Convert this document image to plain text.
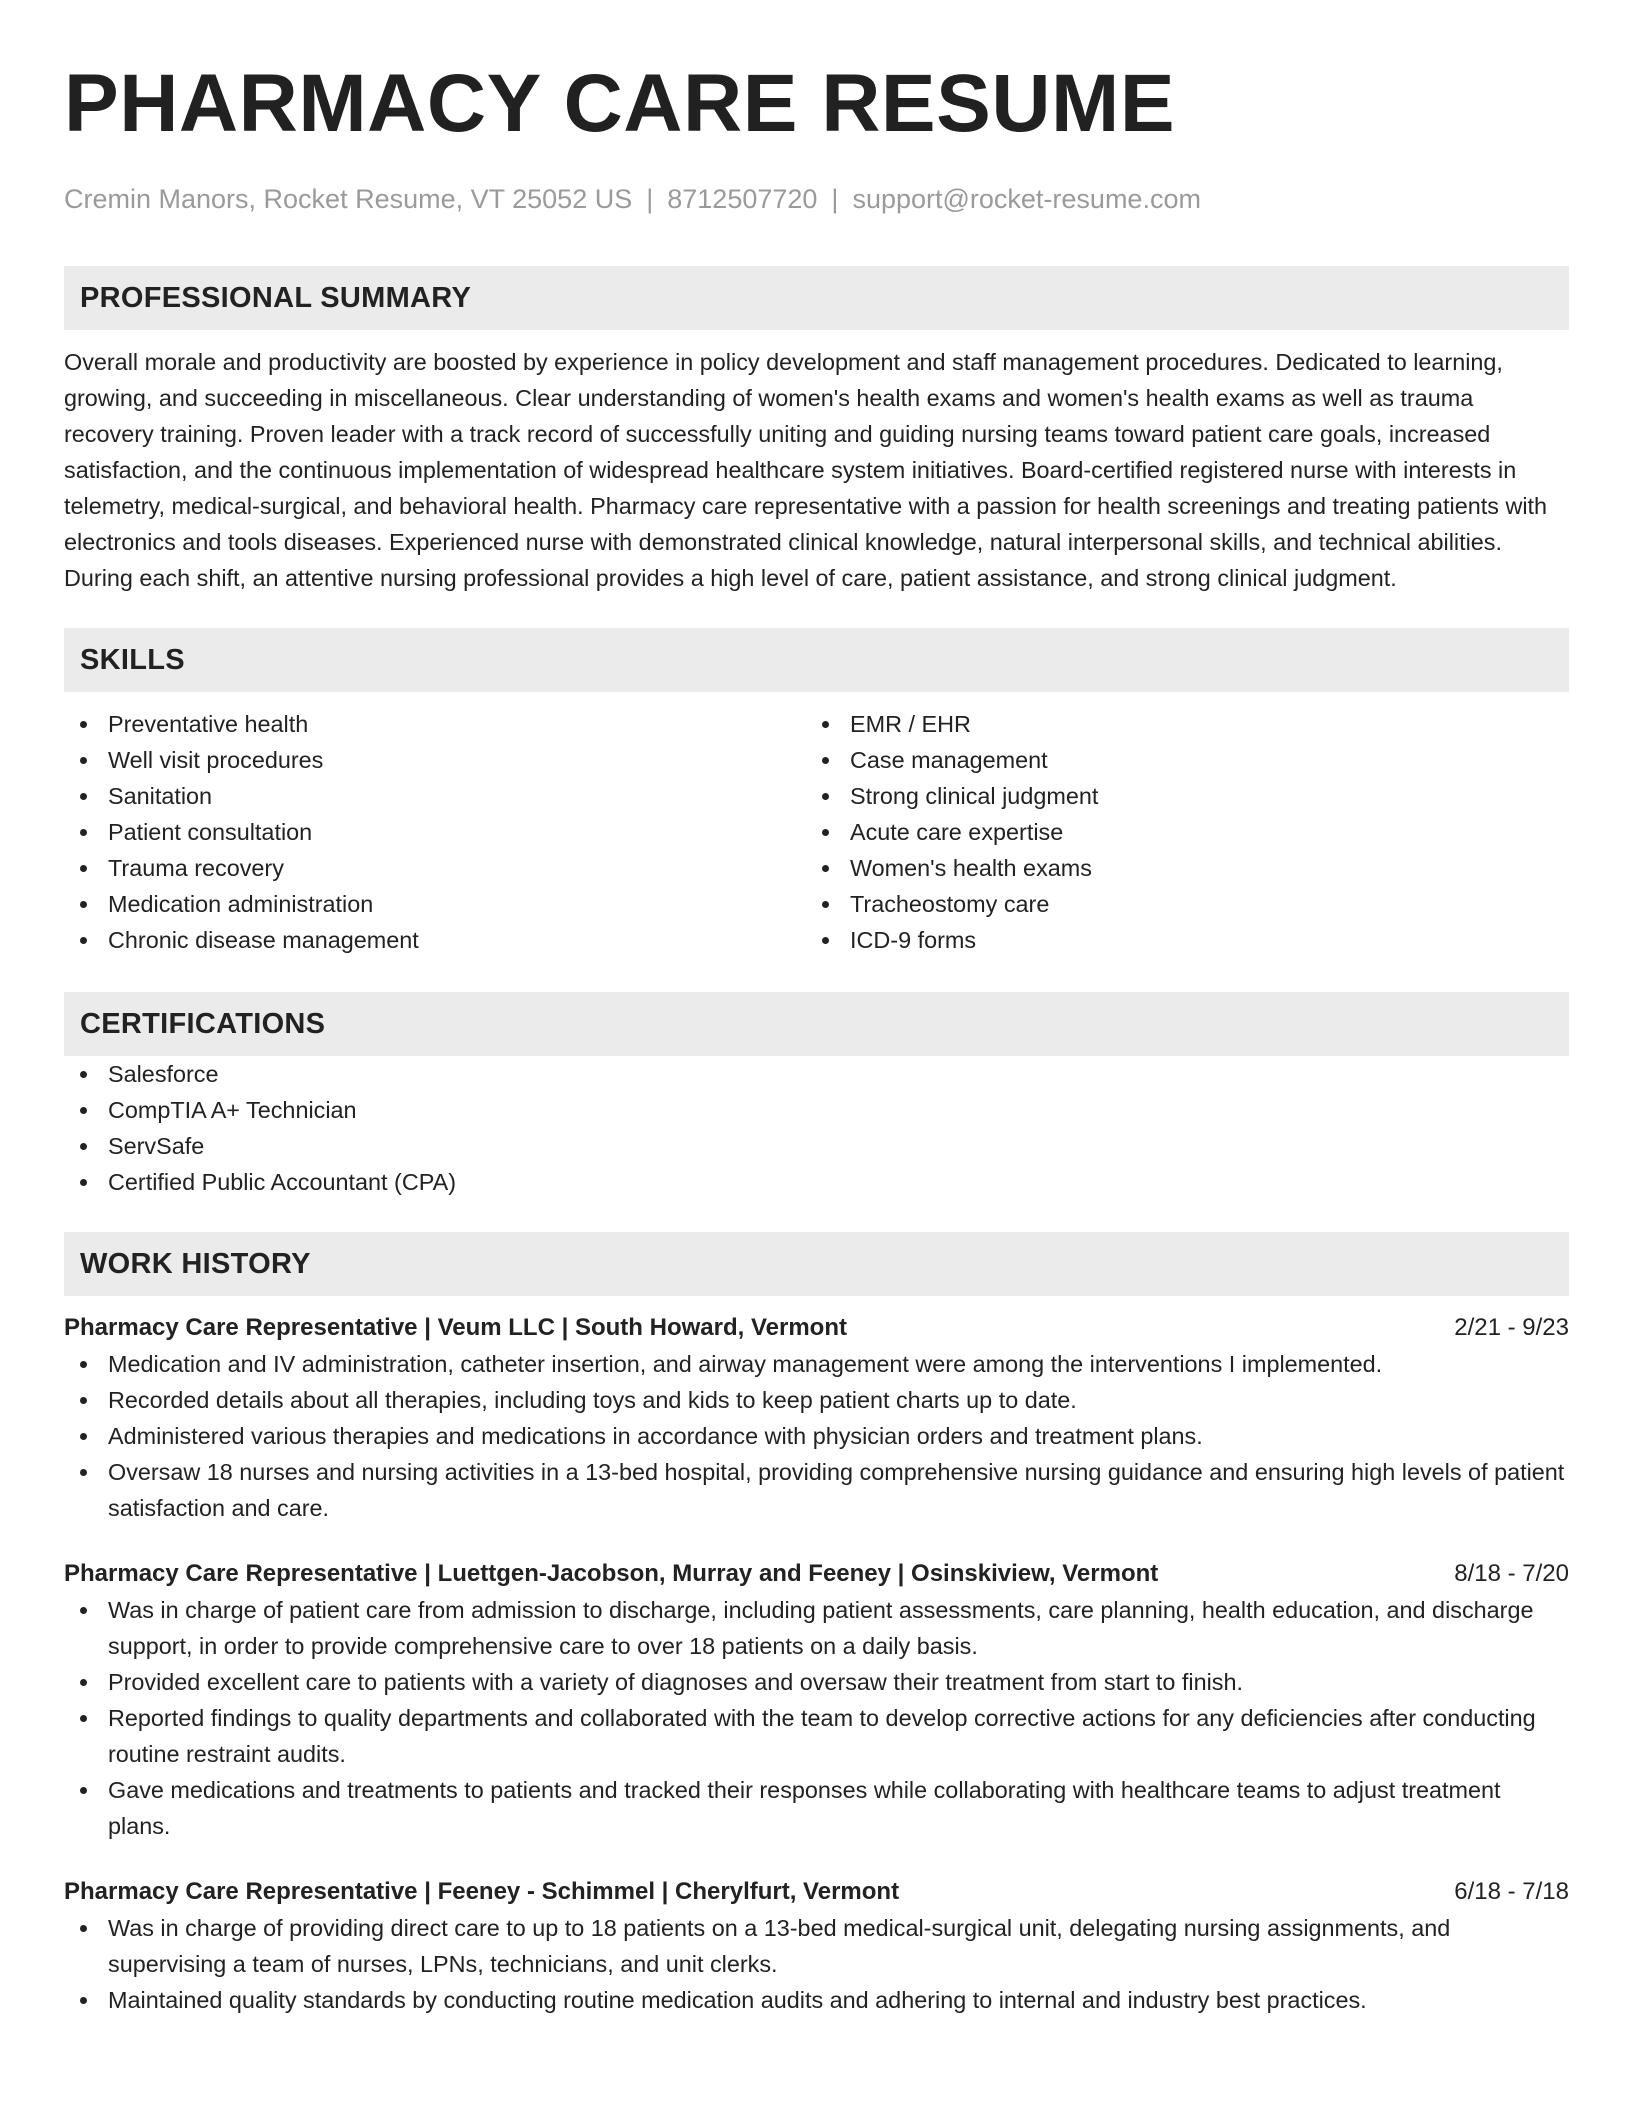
PHARMACY CARE RESUME
Cremin Manors, Rocket Resume, VT 25052 US | 8712507720 | support@rocket-resume.com
PROFESSIONAL SUMMARY
Overall morale and productivity are boosted by experience in policy development and staff management procedures. Dedicated to learning, growing, and succeeding in miscellaneous. Clear understanding of women's health exams and women's health exams as well as trauma recovery training. Proven leader with a track record of successfully uniting and guiding nursing teams toward patient care goals, increased satisfaction, and the continuous implementation of widespread healthcare system initiatives. Board-certified registered nurse with interests in telemetry, medical-surgical, and behavioral health. Pharmacy care representative with a passion for health screenings and treating patients with electronics and tools diseases. Experienced nurse with demonstrated clinical knowledge, natural interpersonal skills, and technical abilities. During each shift, an attentive nursing professional provides a high level of care, patient assistance, and strong clinical judgment.
SKILLS
Preventative health
Well visit procedures
Sanitation
Patient consultation
Trauma recovery
Medication administration
Chronic disease management
EMR / EHR
Case management
Strong clinical judgment
Acute care expertise
Women's health exams
Tracheostomy care
ICD-9 forms
CERTIFICATIONS
Salesforce
CompTIA A+ Technician
ServSafe
Certified Public Accountant (CPA)
WORK HISTORY
Pharmacy Care Representative | Veum LLC | South Howard, Vermont	2/21 - 9/23
Medication and IV administration, catheter insertion, and airway management were among the interventions I implemented.
Recorded details about all therapies, including toys and kids to keep patient charts up to date.
Administered various therapies and medications in accordance with physician orders and treatment plans.
Oversaw 18 nurses and nursing activities in a 13-bed hospital, providing comprehensive nursing guidance and ensuring high levels of patient satisfaction and care.
Pharmacy Care Representative | Luettgen-Jacobson, Murray and Feeney | Osinskiview, Vermont	8/18 - 7/20
Was in charge of patient care from admission to discharge, including patient assessments, care planning, health education, and discharge support, in order to provide comprehensive care to over 18 patients on a daily basis.
Provided excellent care to patients with a variety of diagnoses and oversaw their treatment from start to finish.
Reported findings to quality departments and collaborated with the team to develop corrective actions for any deficiencies after conducting routine restraint audits.
Gave medications and treatments to patients and tracked their responses while collaborating with healthcare teams to adjust treatment plans.
Pharmacy Care Representative | Feeney - Schimmel | Cherylfurt, Vermont	6/18 - 7/18
Was in charge of providing direct care to up to 18 patients on a 13-bed medical-surgical unit, delegating nursing assignments, and supervising a team of nurses, LPNs, technicians, and unit clerks.
Maintained quality standards by conducting routine medication audits and adhering to internal and industry best practices.
